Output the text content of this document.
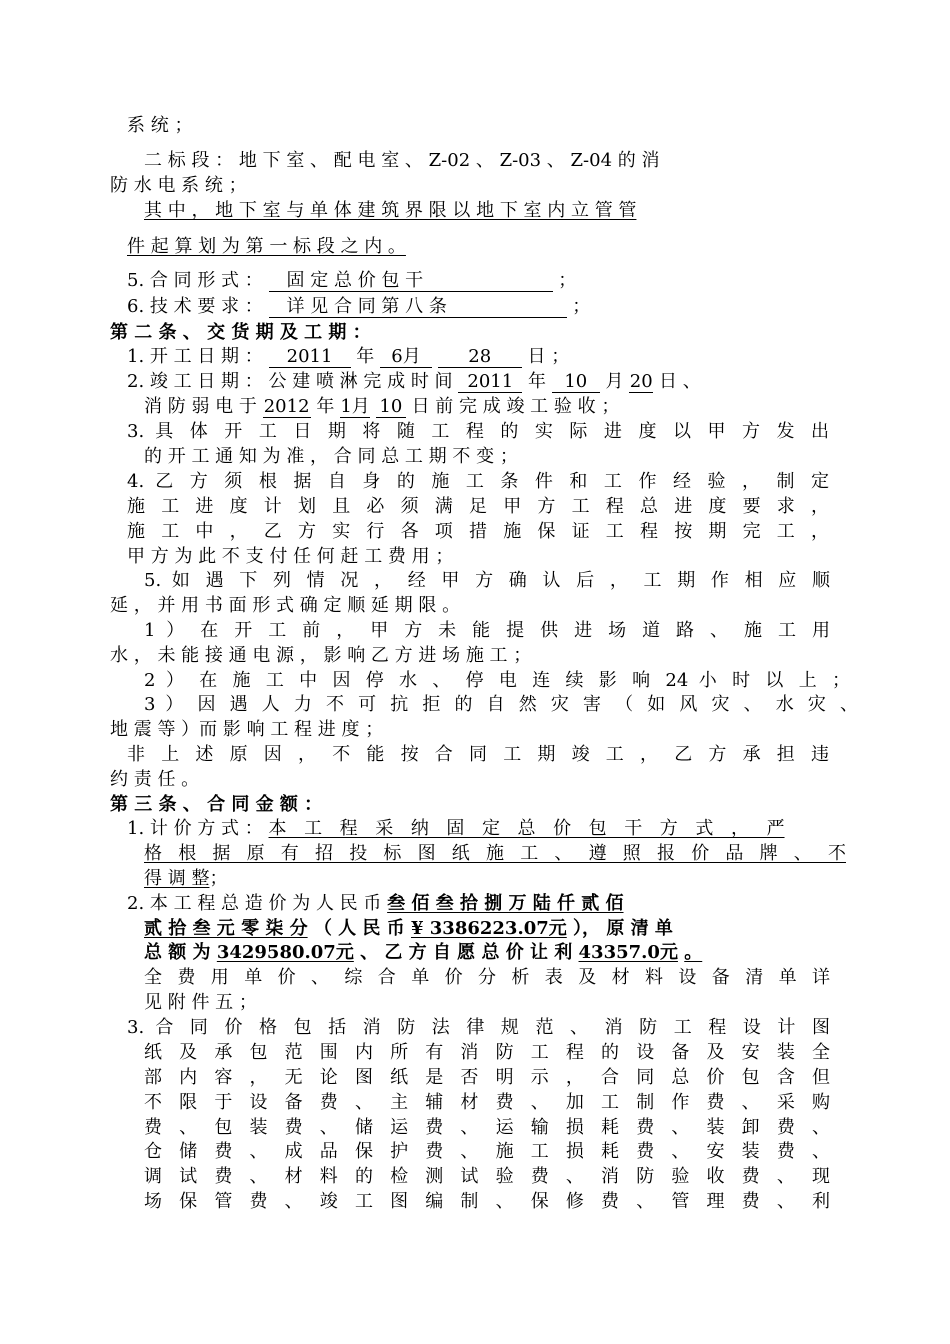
系 统 ；
二 标 段 ： 地 下 室 、 配 电 室 、 Z-02 、 Z-03 、 Z-04 的 消
防 水 电 系 统 ；
其 中 ， 地 下 室 与 单 体 建 筑 界 限 以 地 下 室 内 立 管 管
件 起 算 划 为 第 一 标 段 之 内 。
5. 合 同 形 式 ： 固 定 总 价 包 干	；
6. 技 术 要 求 ： 详 见 合 同 第 八 条	；
第 二 条 、 交 货 期 及 工 期 ：
1. 开 工 日 期 ： 2011 年 6月	28 日 ；
2. 竣 工 日 期 ： 公 建 喷 淋 完 成 时 间 2011 年 10 月 20 日 、
消 防 弱 电 于 2012 年 1月 10 日 前 完 成 竣 工 验 收 ；
3. 具 体 开 工 日 期 将 随 工 程 的 实 际 进 度 以 甲 方 发 出
的 开 工 通 知 为 准 ， 合 同 总 工 期 不 变 ；
4. 乙 方 须 根 据 自 身 的 施 工 条 件 和 工 作 经 验 ， 制 定
施 工 进 度 计 划 且 必 须 满 足 甲 方 工 程 总 进 度 要 求 ，
施 工 中 ， 乙 方 实 行 各 项 措 施 保 证 工 程 按 期 完 工 ，
甲 方 为 此 不 支 付 任 何 赶 工 费 用 ；
5. 如 遇 下 列 情 况 ， 经 甲 方 确 认 后 ， 工 期 作 相 应 顺
延 ， 并 用 书 面 形 式 确 定 顺 延 期 限 。
1 ） 在 开 工 前 ， 甲 方 未 能 提 供 进 场 道 路 、 施 工 用
水 ， 未 能 接 通 电 源 ， 影 响 乙 方 进 场 施 工 ；
2 ） 在 施 工 中 因 停 水 、 停 电 连 续 影 响 24 小 时 以 上 ；
3 ） 因 遇 人 力 不 可 抗 拒 的 自 然 灾 害 （ 如 风 灾 、 水 灾 、
地 震 等 ）而 影 响 工 程 进 度 ；
非 上 述 原 因 ， 不 能 按 合 同 工 期 竣 工 ， 乙 方 承 担 违
约 责 任 。
第 三 条 、 合 同 金 额 ：
1. 计 价 方 式 ： 本 工 程 采 纳 固 定 总 价 包 干 方 式 ， 严
格 根 据 原 有 招 投 标 图 纸 施 工 、 遵 照 报 价 品 牌 、 不
得 调 整；
2. 本 工 程 总 造 价 为 人 民 币 叁 佰 叁 拾 捌 万 陆 仟 贰 佰
贰 拾 叁 元 零 柒 分 （ 人 民 币 ¥ 3386223.07元 ）， 原 清 单
总 额 为 3429580.07元 、 乙 方 自 愿 总 价 让 利 43357.0元 。
全 费 用 单 价 、 综 合 单 价 分 析 表 及 材 料 设 备 清 单 详
见 附 件 五 ；
3. 合 同 价 格 包 括 消 防 法 律 规 范 、 消 防 工 程 设 计 图
纸 及 承 包 范 围 内 所 有 消 防 工 程 的 设 备 及 安 装 全
部 内 容 ， 无 论 图 纸 是 否 明 示 ， 合 同 总 价 包 含 但
不 限 于 设 备 费 、 主 辅 材 费 、 加 工 制 作 费 、 采 购
费 、 包 装 费 、 储 运 费 、 运 输 损 耗 费 、 装 卸 费 、
仓 储 费 、 成 品 保 护 费 、 施 工 损 耗 费 、 安 装 费 、
调 试 费 、 材 料 的 检 测 试 验 费 、 消 防 验 收 费 、 现
场 保 管 费 、 竣 工 图 编 制 、 保 修 费 、 管 理 费 、 利
